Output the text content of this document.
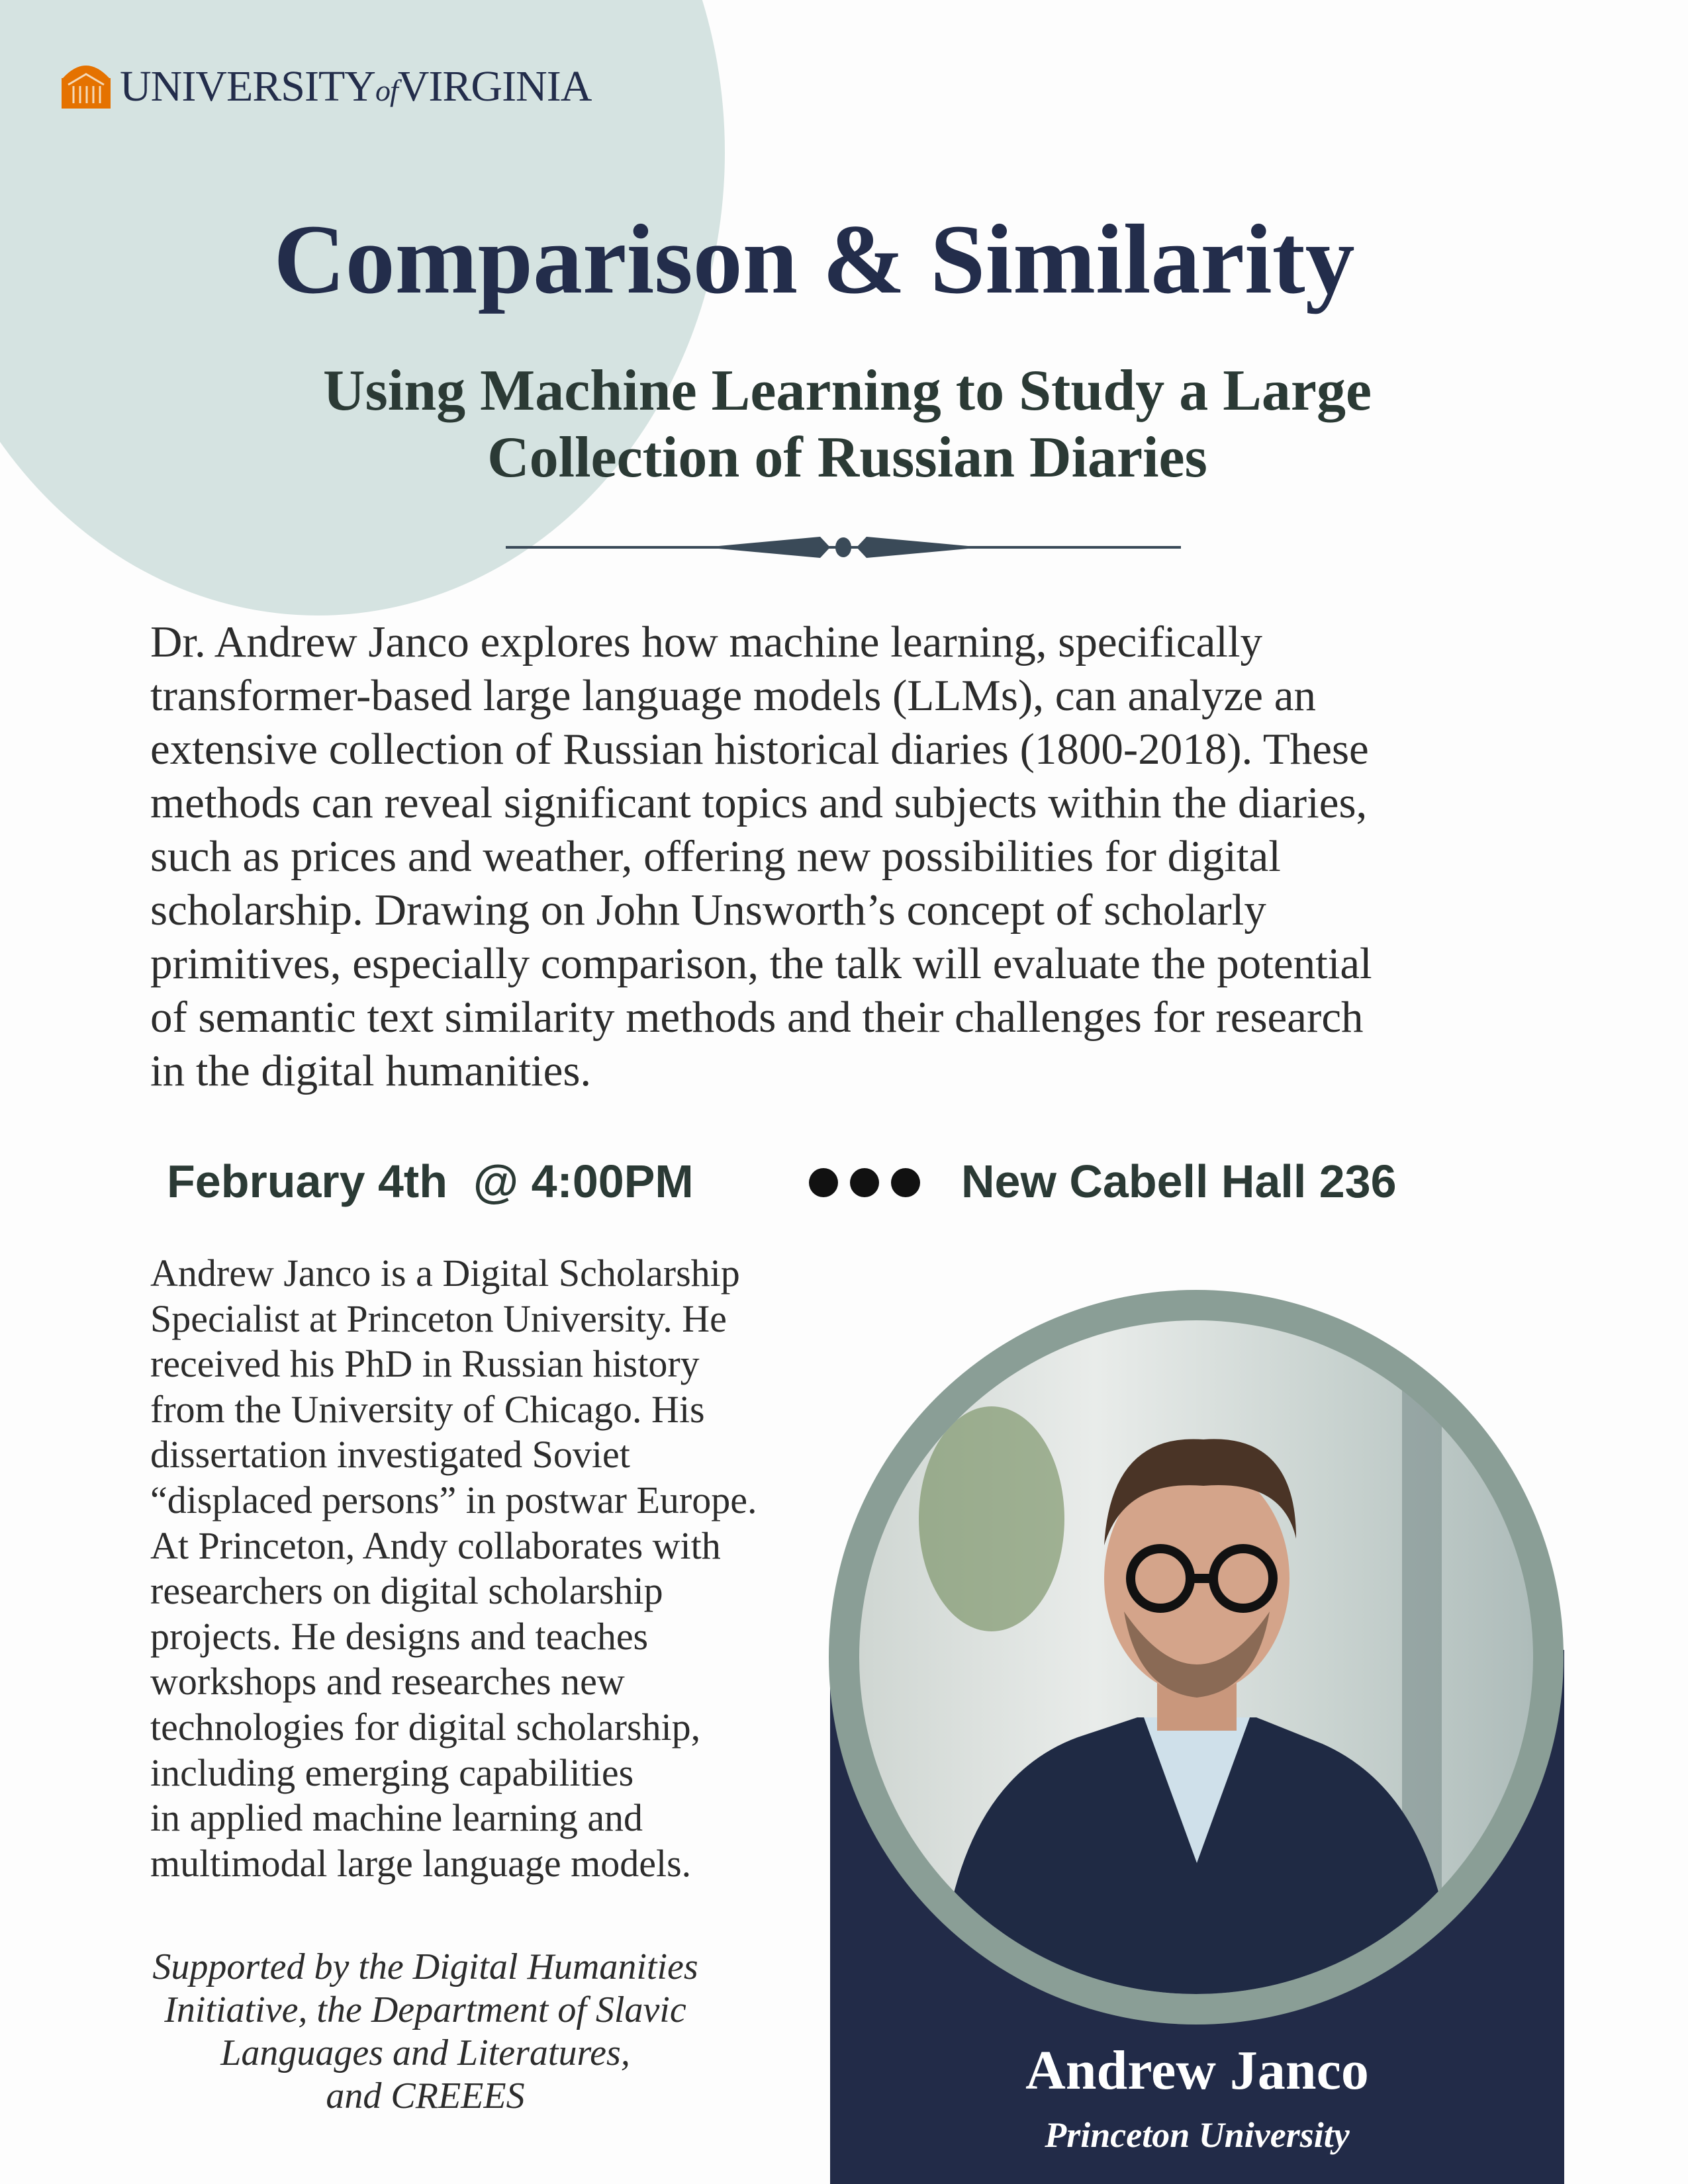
UNIVERSITYofVIRGINIA
Comparison & Similarity
Using Machine Learning to Study a Large
Collection of Russian Diaries
Dr. Andrew Janco explores how machine learning, specifically
transformer-based large language models (LLMs), can analyze an
extensive collection of Russian historical diaries (1800-2018). These
methods can reveal significant topics and subjects within the diaries,
such as prices and weather, offering new possibilities for digital
scholarship. Drawing on John Unsworth’s concept of scholarly
primitives, especially comparison, the talk will evaluate the potential
of semantic text similarity methods and their challenges for research
in the digital humanities.
February 4th  @ 4:00PM	New Cabell Hall 236
Andrew Janco is a Digital Scholarship
Specialist at Princeton University. He
received his PhD in Russian history
from the University of Chicago. His
dissertation investigated Soviet
“displaced persons” in postwar Europe.
At Princeton, Andy collaborates with
researchers on digital scholarship
projects. He designs and teaches
workshops and researches new
technologies for digital scholarship,
including emerging capabilities
in applied machine learning and
multimodal large language models.
Supported by the Digital Humanities
Initiative, the Department of Slavic
Languages and Literatures,
and CREEES	Andrew Janco
Princeton University
